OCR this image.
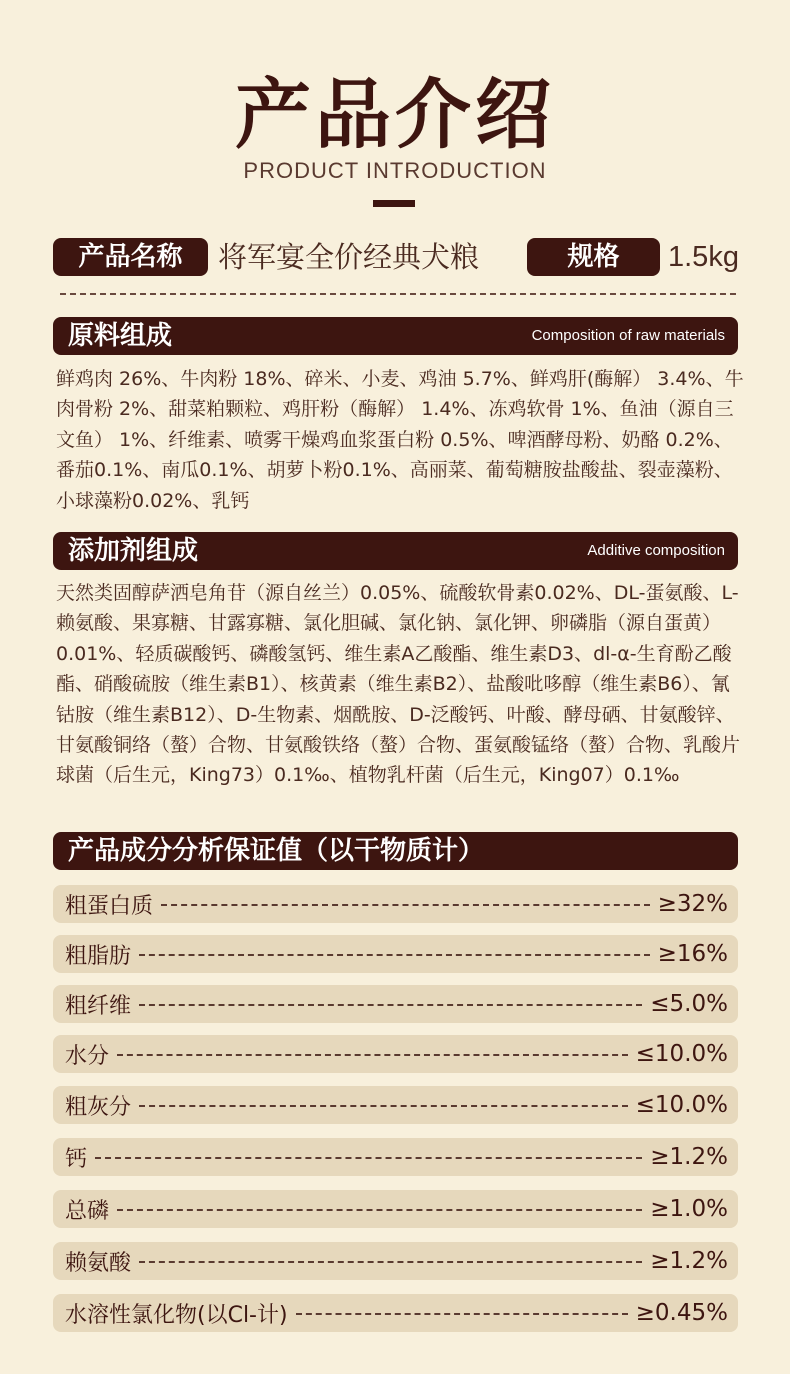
产品介绍
PRODUCT INTRODUCTION
产品名称	将军宴全价经典犬粮	规格	1.5kg
原料组成	Composition of raw materials
鲜鸡肉 26%、牛肉粉 18%、碎米、小麦、鸡油 5.7%、鲜鸡肝(酶解） 3.4%、牛肉骨粉 2%、甜菜粕颗粒、鸡肝粉（酶解） 1.4%、冻鸡软骨 1%、鱼油（源自三文鱼） 1%、纤维素、喷雾干燥鸡血浆蛋白粉 0.5%、啤酒酵母粉、奶酪 0.2%、番茄0.1%、南瓜0.1%、胡萝卜粉0.1%、高丽菜、葡萄糖胺盐酸盐、裂壶藻粉、小球藻粉0.02%、乳钙
添加剂组成	Additive composition
天然类固醇萨洒皂角苷（源自丝兰）0.05%、硫酸软骨素0.02%、DL-蛋氨酸、L-赖氨酸、果寡糖、甘露寡糖、氯化胆碱、氯化钠、氯化钾、卵磷脂（源自蛋黄）0.01%、轻质碳酸钙、磷酸氢钙、维生素A乙酸酯、维生素D3、dl-α-生育酚乙酸酯、硝酸硫胺（维生素B1）、核黄素（维生素B2）、盐酸吡哆醇（维生素B6）、氰钴胺（维生素B12）、D-生物素、烟酰胺、D-泛酸钙、叶酸、酵母硒、甘氨酸锌、甘氨酸铜络（螯）合物、甘氨酸铁络（螯）合物、蛋氨酸锰络（螯）合物、乳酸片球菌（后生元，King73）0.1‰、植物乳杆菌（后生元，King07）0.1‰
产品成分分析保证值（以干物质计）
粗蛋白质	≥32%
粗脂肪	≥16%
粗纤维	≤5.0%
水分	≤10.0%
粗灰分	≤10.0%
钙	≥1.2%
总磷	≥1.0%
赖氨酸	≥1.2%
水溶性氯化物(以Cl-计)	≥0.45%
